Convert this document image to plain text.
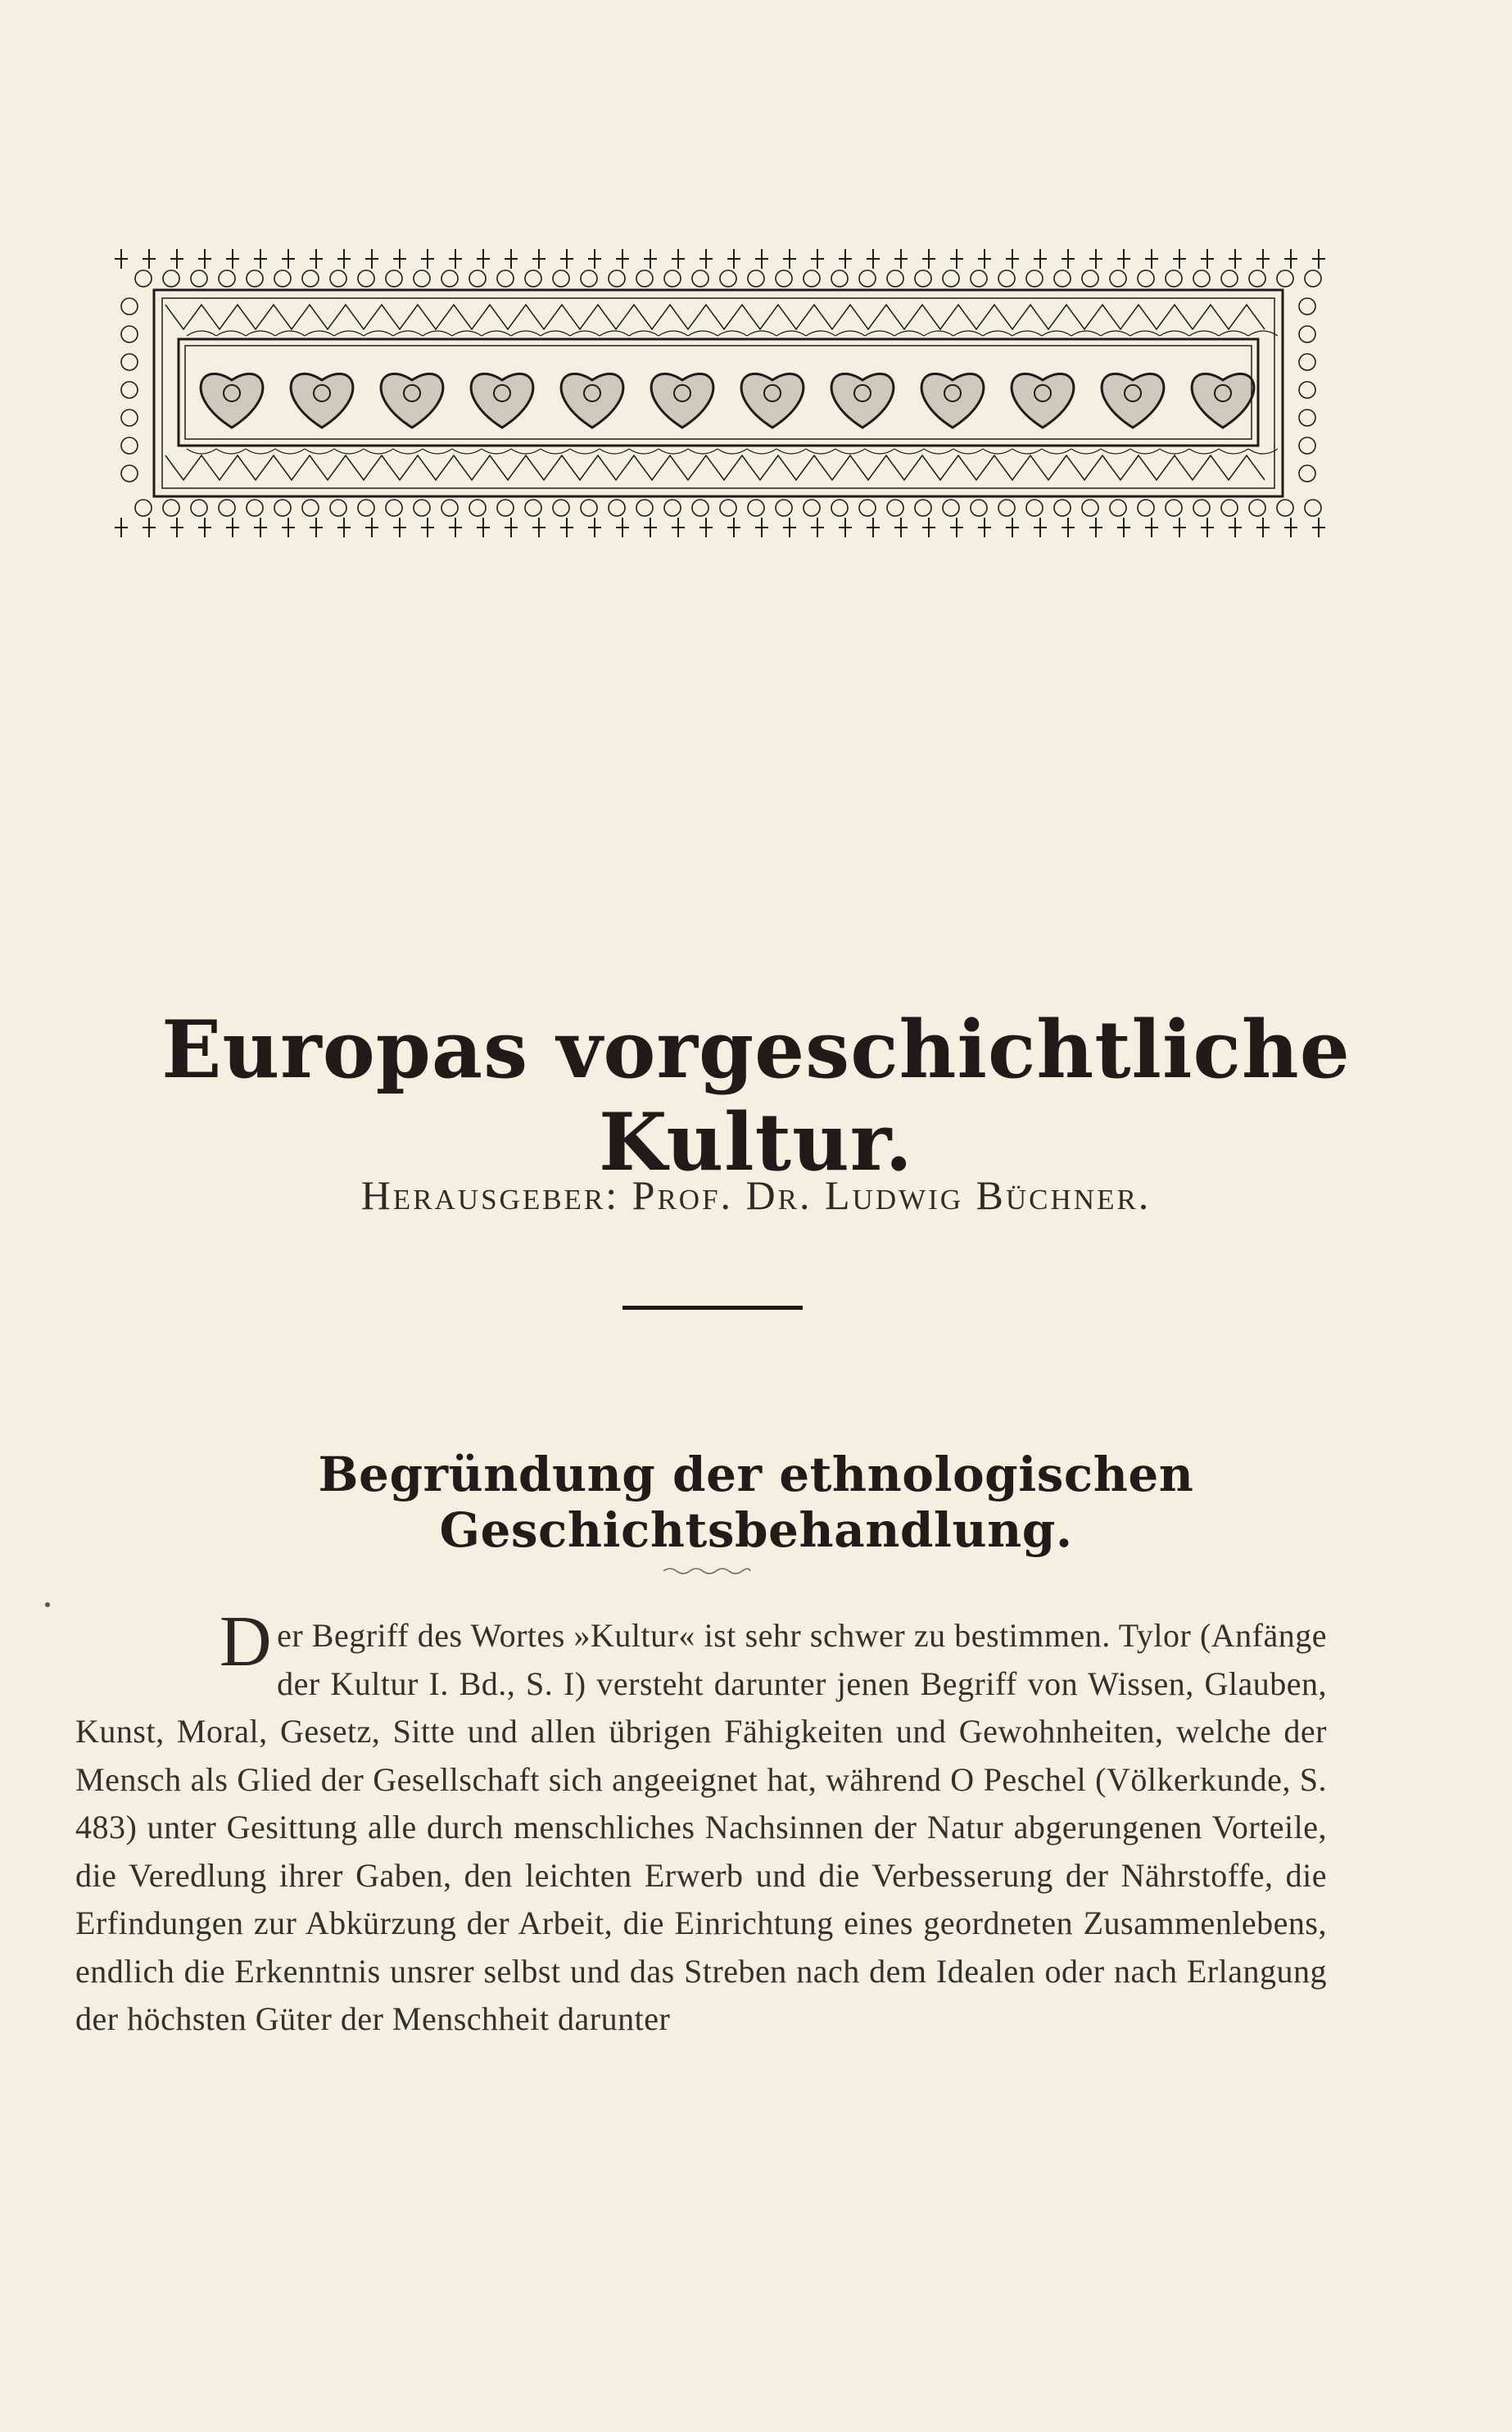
Europas vorgeschichtliche Kultur.
Herausgeber: Prof. Dr. Ludwig Büchner.
Begründung der ethnologischen Geschichtsbehandlung.
Der Begriff des Wortes »Kultur« ist sehr schwer zu bestimmen. Tylor (Anfänge der Kultur I. Bd., S. I) versteht darunter jenen Begriff von Wissen, Glauben, Kunst, Moral, Gesetz, Sitte und allen übrigen Fähigkeiten und Gewohnheiten, welche der Mensch als Glied der Gesellschaft sich angeeignet hat, während O Peschel (Völkerkunde, S. 483) unter Gesittung alle durch menschliches Nachsinnen der Natur abgerungenen Vorteile, die Veredlung ihrer Gaben, den leichten Erwerb und die Verbesserung der Nährstoffe, die Erfindungen zur Abkürzung der Arbeit, die Einrichtung eines geordneten Zusammenlebens, endlich die Erkenntnis unsrer selbst und das Streben nach dem Idealen oder nach Erlangung der höchsten Güter der Menschheit darunter
